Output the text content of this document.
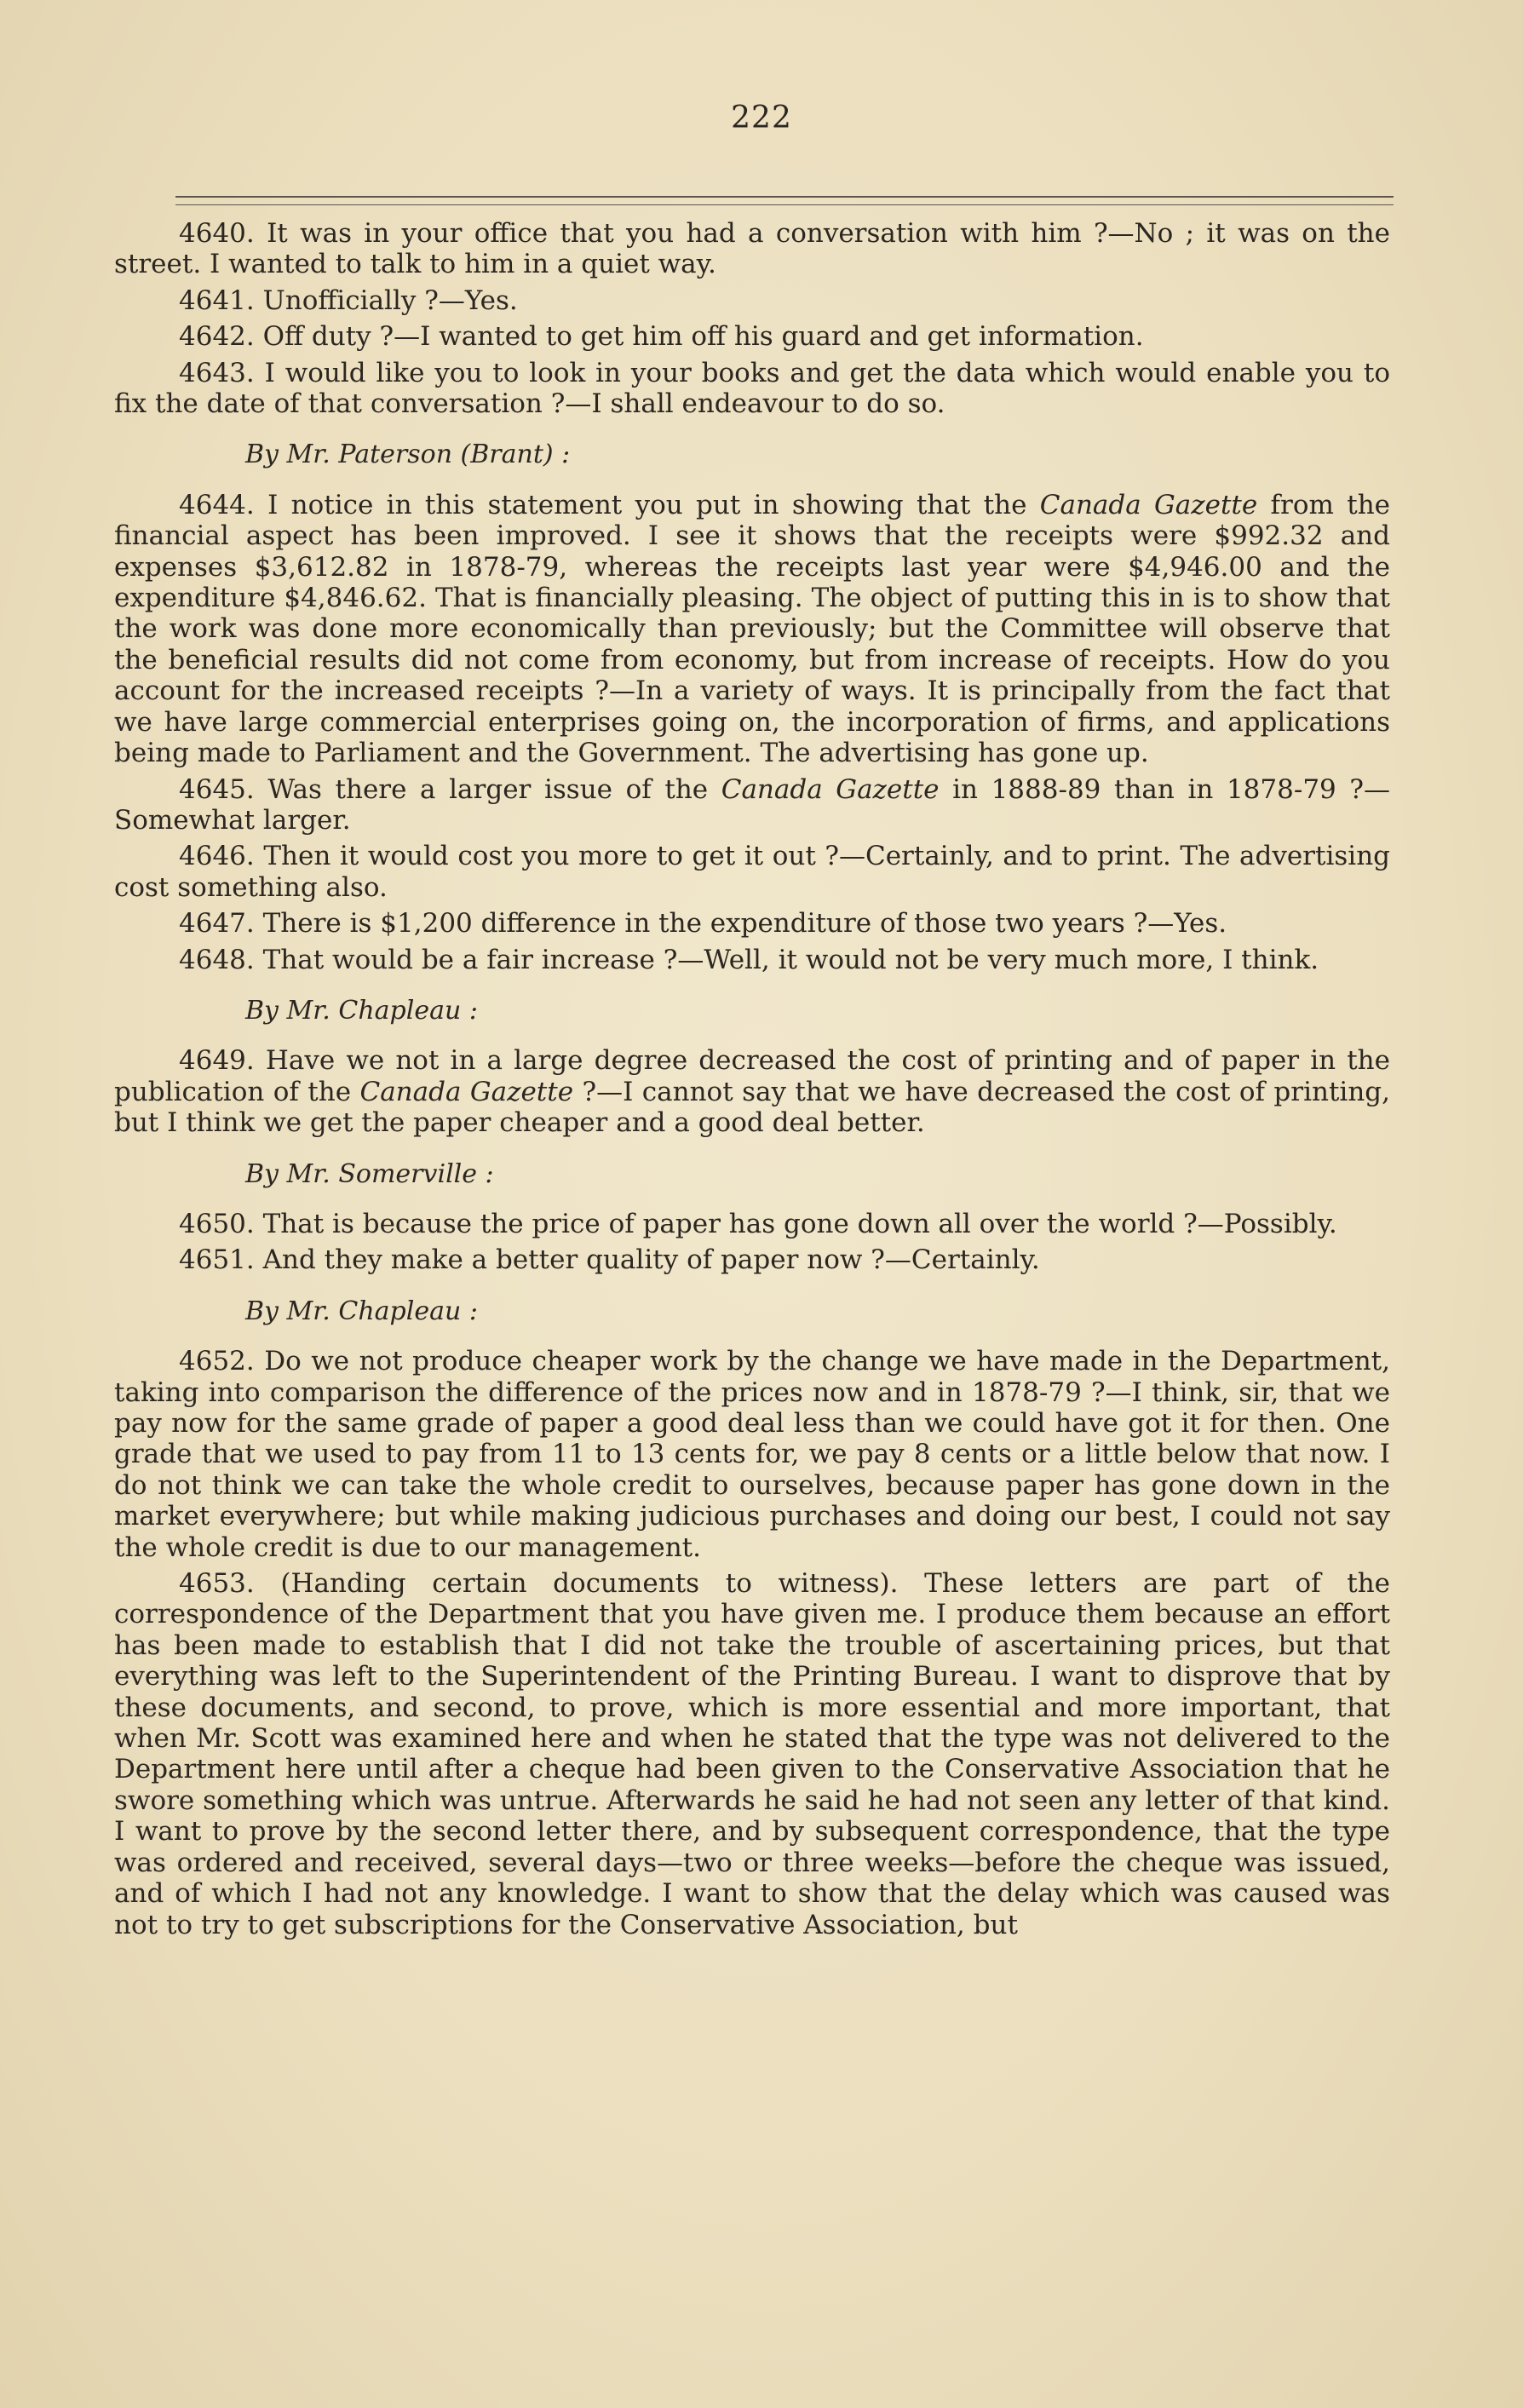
222

4640. It was in your office that you had a conversation with him ?—No ; it was on the street. I wanted to talk to him in a quiet way.

4641. Unofficially ?—Yes.

4642. Off duty ?—I wanted to get him off his guard and get information.

4643. I would like you to look in your books and get the data which would enable you to fix the date of that conversation ?—I shall endeavour to do so.

By Mr. Paterson (Brant) :

4644. I notice in this statement you put in showing that the Canada Gazette from the financial aspect has been improved. I see it shows that the receipts were $992.32 and expenses $3,612.82 in 1878-79, whereas the receipts last year were $4,946.00 and the expenditure $4,846.62. That is financially pleasing. The object of putting this in is to show that the work was done more economically than previously; but the Committee will observe that the beneficial results did not come from economy, but from increase of receipts. How do you account for the increased receipts ?—In a variety of ways. It is principally from the fact that we have large commercial enterprises going on, the incorporation of firms, and applications being made to Parliament and the Government. The advertising has gone up.

4645. Was there a larger issue of the Canada Gazette in 1888-89 than in 1878-79 ?—Somewhat larger.

4646. Then it would cost you more to get it out ?—Certainly, and to print. The advertising cost something also.

4647. There is $1,200 difference in the expenditure of those two years ?—Yes.

4648. That would be a fair increase ?—Well, it would not be very much more, I think.

By Mr. Chapleau :

4649. Have we not in a large degree decreased the cost of printing and of paper in the publication of the Canada Gazette ?—I cannot say that we have decreased the cost of printing, but I think we get the paper cheaper and a good deal better.

By Mr. Somerville :

4650. That is because the price of paper has gone down all over the world ?—Possibly.

4651. And they make a better quality of paper now ?—Certainly.

By Mr. Chapleau :

4652. Do we not produce cheaper work by the change we have made in the Department, taking into comparison the difference of the prices now and in 1878-79 ?—I think, sir, that we pay now for the same grade of paper a good deal less than we could have got it for then. One grade that we used to pay from 11 to 13 cents for, we pay 8 cents or a little below that now. I do not think we can take the whole credit to ourselves, because paper has gone down in the market everywhere; but while making judicious purchases and doing our best, I could not say the whole credit is due to our management.

4653. (Handing certain documents to witness). These letters are part of the correspondence of the Department that you have given me. I produce them because an effort has been made to establish that I did not take the trouble of ascertaining prices, but that everything was left to the Superintendent of the Printing Bureau. I want to disprove that by these documents, and second, to prove, which is more essential and more important, that when Mr. Scott was examined here and when he stated that the type was not delivered to the Department here until after a cheque had been given to the Conservative Association that he swore something which was untrue. Afterwards he said he had not seen any letter of that kind. I want to prove by the second letter there, and by subsequent correspondence, that the type was ordered and received, several days—two or three weeks—before the cheque was issued, and of which I had not any knowledge. I want to show that the delay which was caused was not to try to get subscriptions for the Conservative Association, but
